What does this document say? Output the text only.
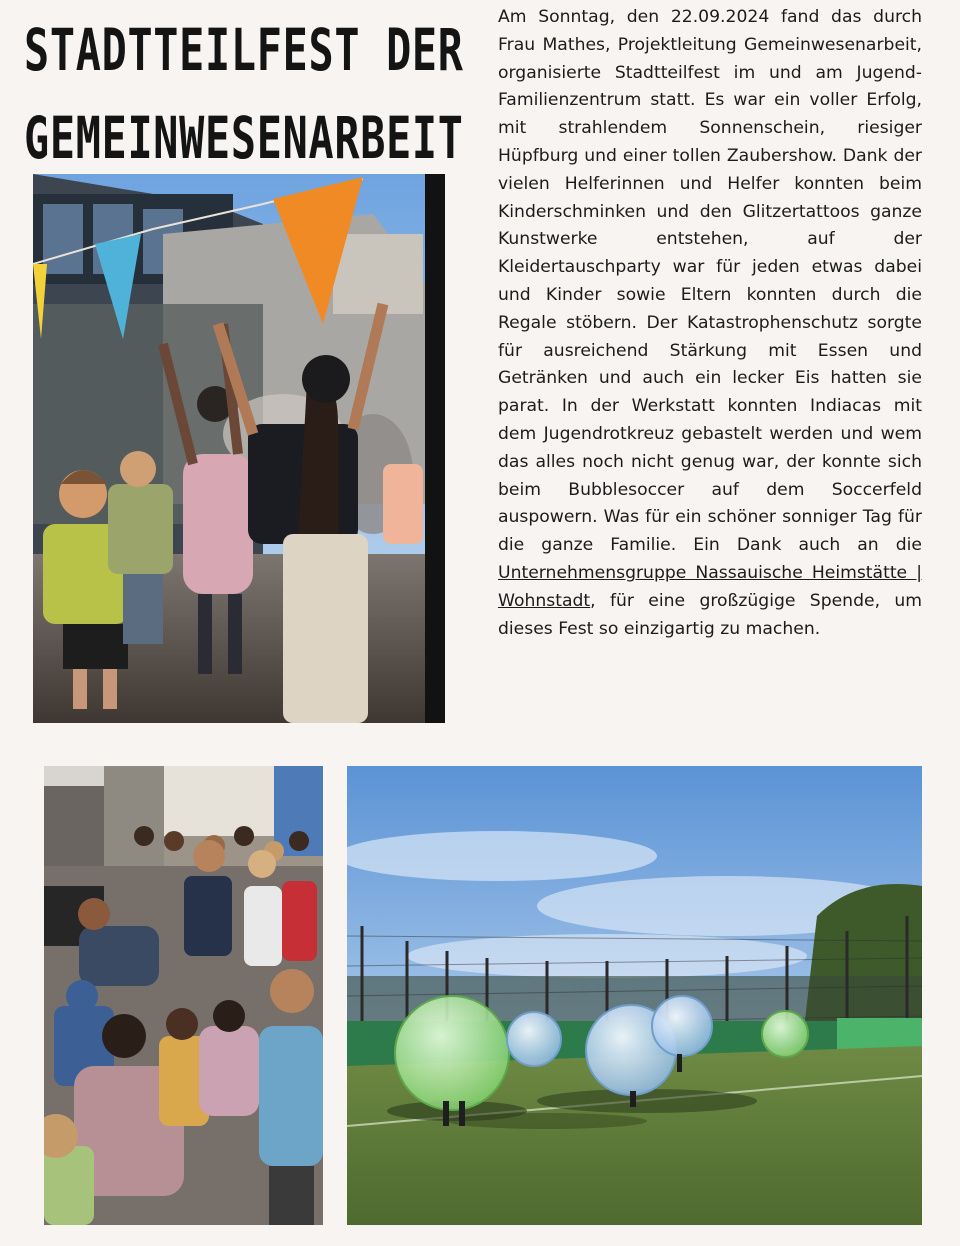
STADTTEILFEST DER
GEMEINWESENARBEIT

Am Sonntag, den 22.09.2024 fand das durch Frau Mathes, Projektleitung Gemeinwesenarbeit, organisierte Stadtteilfest im und am Jugend-Familienzentrum statt. Es war ein voller Erfolg, mit strahlendem Sonnenschein, riesiger Hüpfburg und einer tollen Zaubershow. Dank der vielen Helferinnen und Helfer konnten beim Kinderschminken und den Glitzertattoos ganze Kunstwerke entstehen, auf der Kleidertauschparty war für jeden etwas dabei und Kinder sowie Eltern konnten durch die Regale stöbern. Der Katastrophenschutz sorgte für ausreichend Stärkung mit Essen und Getränken und auch ein lecker Eis hatten sie parat. In der Werkstatt konnten Indiacas mit dem Jugendrotkreuz gebastelt werden und wem das alles noch nicht genug war, der konnte sich beim Bubblesoccer auf dem Soccerfeld auspowern. Was für ein schöner sonniger Tag für die ganze Familie. Ein Dank auch an die Unternehmensgruppe Nassauische Heimstätte | Wohnstadt, für eine großzügige Spende, um dieses Fest so einzigartig zu machen.
